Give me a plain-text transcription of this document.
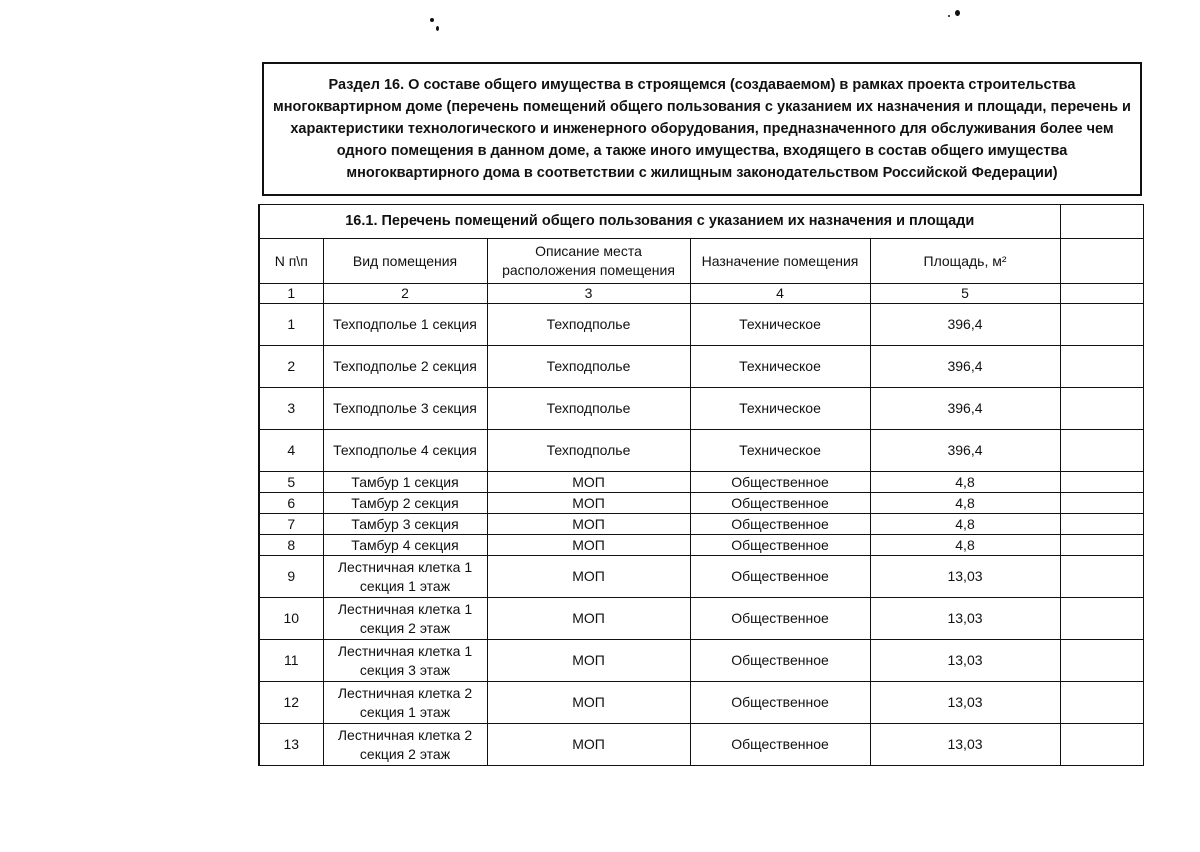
Раздел 16. О составе общего имущества в строящемся (создаваемом) в рамках проекта строительства многоквартирном доме (перечень помещений общего пользования с указанием их назначения и площади, перечень и характеристики технологического и инженерного оборудования, предназначенного для обслуживания более чем одного помещения в данном доме, а также иного имущества, входящего в состав общего имущества многоквартирного дома в соответствии с жилищным законодательством Российской Федерации)
16.1. Перечень помещений общего пользования с указанием их назначения и площади					
N п\п	Вид помещения	Описание места расположения помещения	Назначение помещения	Площадь, м²	
1	2	3	4	5	
1	Техподполье 1 секция	Техподполье	Техническое	396,4	
2	Техподполье 2 секция	Техподполье	Техническое	396,4	
3	Техподполье 3 секция	Техподполье	Техническое	396,4	
4	Техподполье 4 секция	Техподполье	Техническое	396,4	
5	Тамбур 1 секция	МОП	Общественное	4,8	
6	Тамбур 2 секция	МОП	Общественное	4,8	
7	Тамбур 3 секция	МОП	Общественное	4,8	
8	Тамбур 4 секция	МОП	Общественное	4,8	
9	Лестничная клетка 1 секция 1 этаж	МОП	Общественное	13,03	
10	Лестничная клетка 1 секция 2 этаж	МОП	Общественное	13,03	
11	Лестничная клетка 1 секция 3 этаж	МОП	Общественное	13,03	
12	Лестничная клетка 2 секция 1 этаж	МОП	Общественное	13,03	
13	Лестничная клетка 2 секция 2 этаж	МОП	Общественное	13,03	
